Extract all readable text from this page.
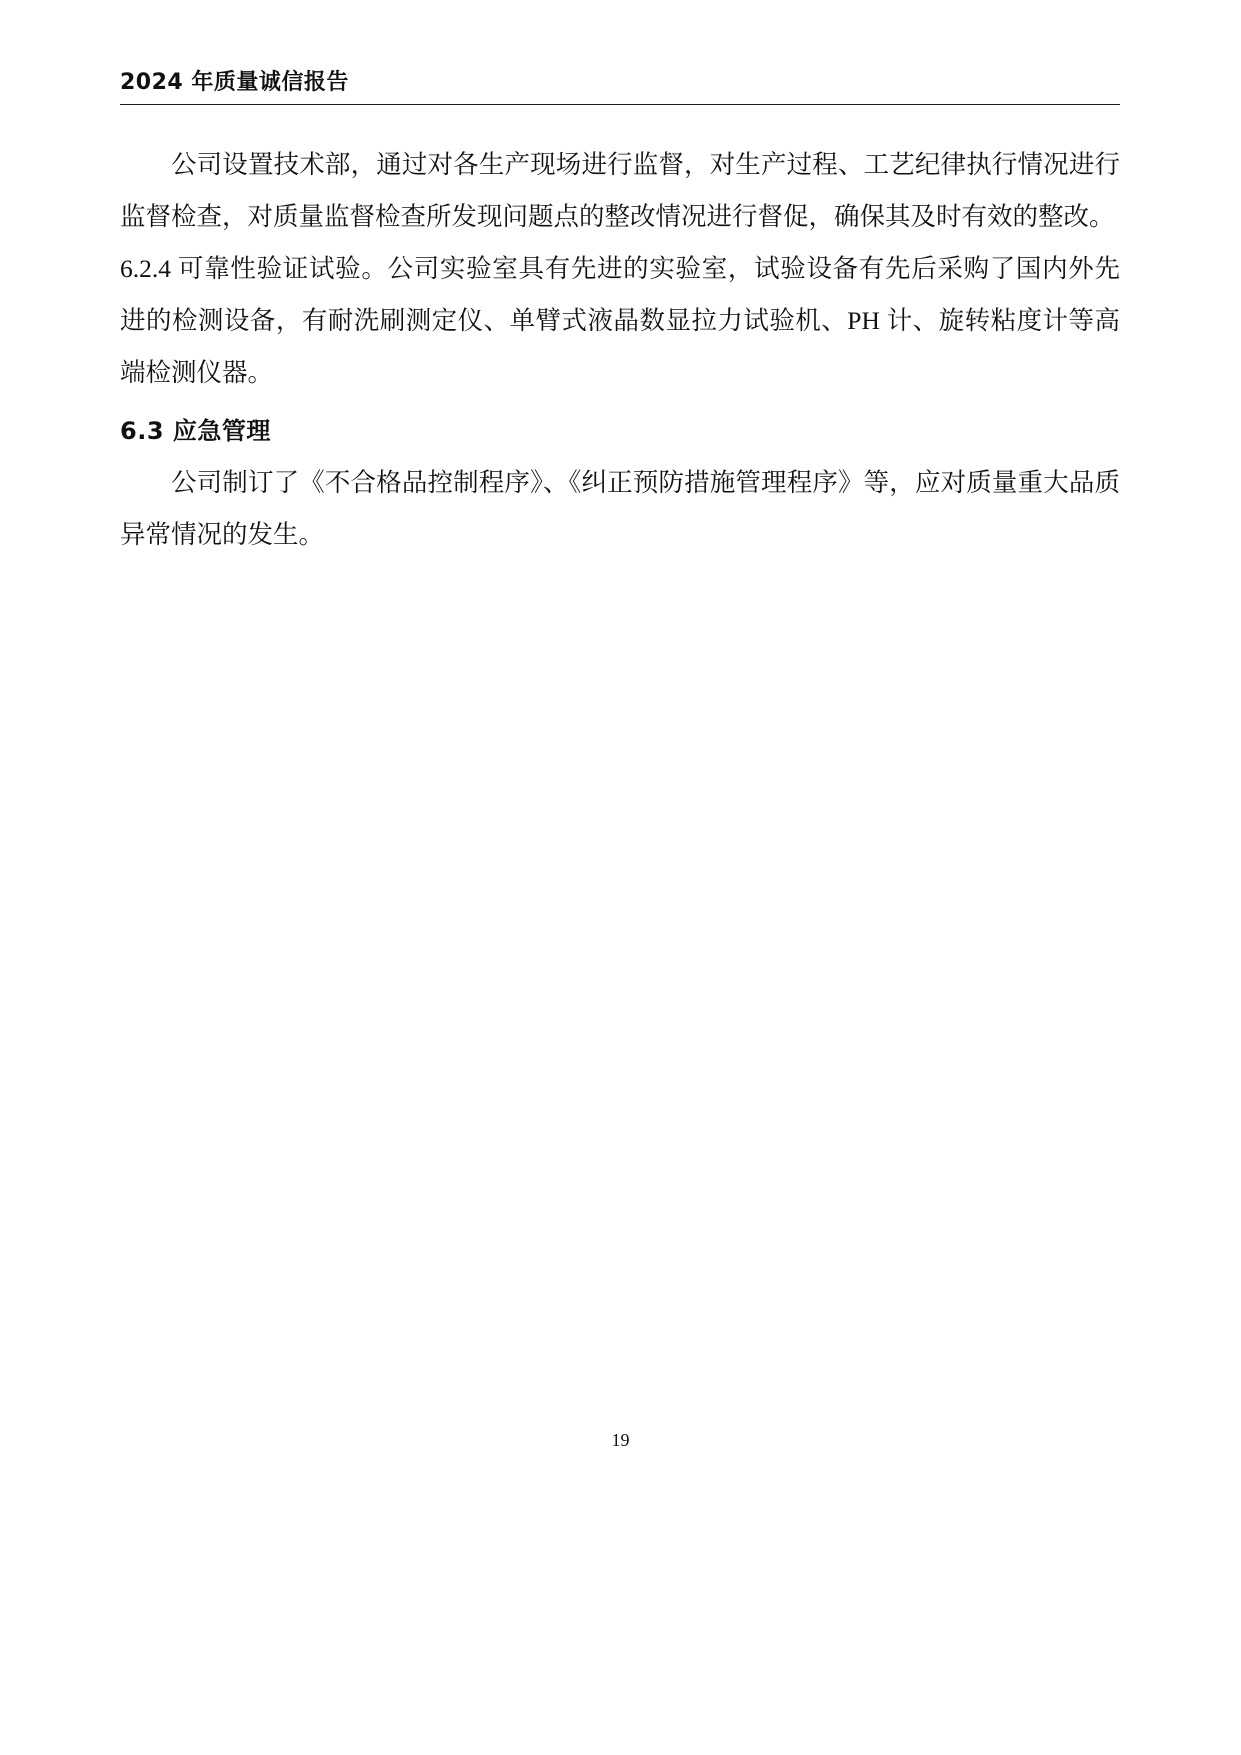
2024 年质量诚信报告

公司设置技术部，通过对各生产现场进行监督，对生产过程、工艺纪律执行情况进行监督检查，对质量监督检查所发现问题点的整改情况进行督促，确保其及时有效的整改。

6.2.4 可靠性验证试验。公司实验室具有先进的实验室，试验设备有先后采购了国内外先进的检测设备，有耐洗刷测定仪、单臂式液晶数显拉力试验机、PH 计、旋转粘度计等高端检测仪器。

6.3 应急管理

公司制订了《不合格品控制程序》、《纠正预防措施管理程序》等，应对质量重大品质异常情况的发生。

19
